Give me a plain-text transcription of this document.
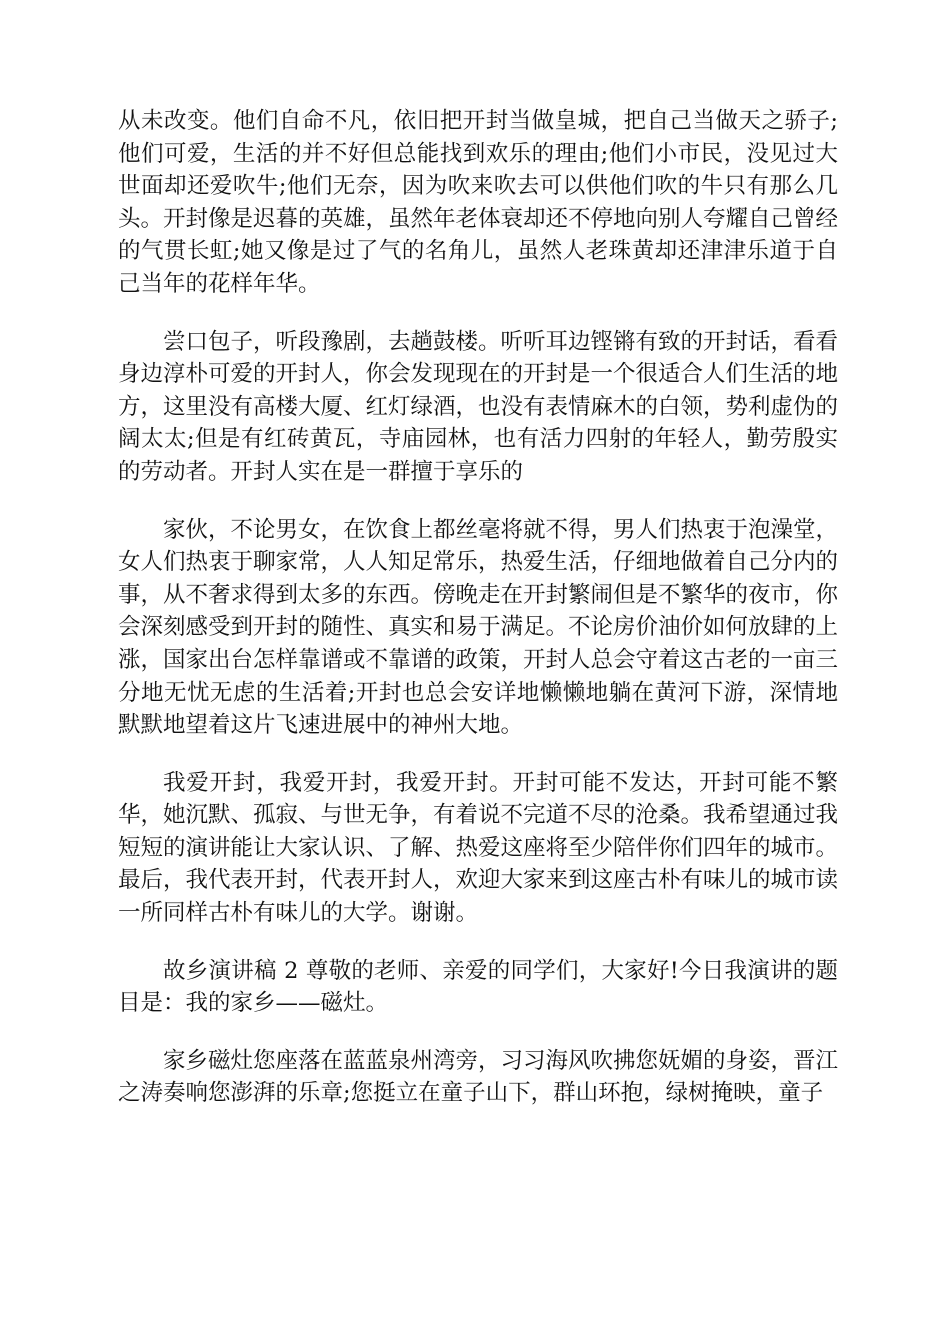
从未改变。他们自命不凡，依旧把开封当做皇城，把自己当做天之骄子;他们可爱，生活的并不好但总能找到欢乐的理由;他们小市民，没见过大世面却还爱吹牛;他们无奈，因为吹来吹去可以供他们吹的牛只有那么几头。开封像是迟暮的英雄，虽然年老体衰却还不停地向别人夸耀自己曾经的气贯长虹;她又像是过了气的名角儿，虽然人老珠黄却还津津乐道于自己当年的花样年华。

尝口包子，听段豫剧，去趟鼓楼。听听耳边铿锵有致的开封话，看看身边淳朴可爱的开封人，你会发现现在的开封是一个很适合人们生活的地方，这里没有高楼大厦、红灯绿酒，也没有表情麻木的白领，势利虚伪的阔太太;但是有红砖黄瓦，寺庙园林，也有活力四射的年轻人，勤劳殷实的劳动者。开封人实在是一群擅于享乐的

家伙，不论男女，在饮食上都丝毫将就不得，男人们热衷于泡澡堂，女人们热衷于聊家常，人人知足常乐，热爱生活，仔细地做着自己分内的事，从不奢求得到太多的东西。傍晚走在开封繁闹但是不繁华的夜市，你会深刻感受到开封的随性、真实和易于满足。不论房价油价如何放肆的上涨，国家出台怎样靠谱或不靠谱的政策，开封人总会守着这古老的一亩三分地无忧无虑的生活着;开封也总会安详地懒懒地躺在黄河下游，深情地默默地望着这片飞速进展中的神州大地。

我爱开封，我爱开封，我爱开封。开封可能不发达，开封可能不繁华，她沉默、孤寂、与世无争，有着说不完道不尽的沧桑。我希望通过我短短的演讲能让大家认识、了解、热爱这座将至少陪伴你们四年的城市。最后，我代表开封，代表开封人，欢迎大家来到这座古朴有味儿的城市读一所同样古朴有味儿的大学。谢谢。

故乡演讲稿 2 尊敬的老师、亲爱的同学们，大家好!今日我演讲的题目是：我的家乡——磁灶。

家乡磁灶您座落在蓝蓝泉州湾旁，习习海风吹拂您妩媚的身姿，晋江之涛奏响您澎湃的乐章;您挺立在童子山下，群山环抱，绿树掩映，童子
